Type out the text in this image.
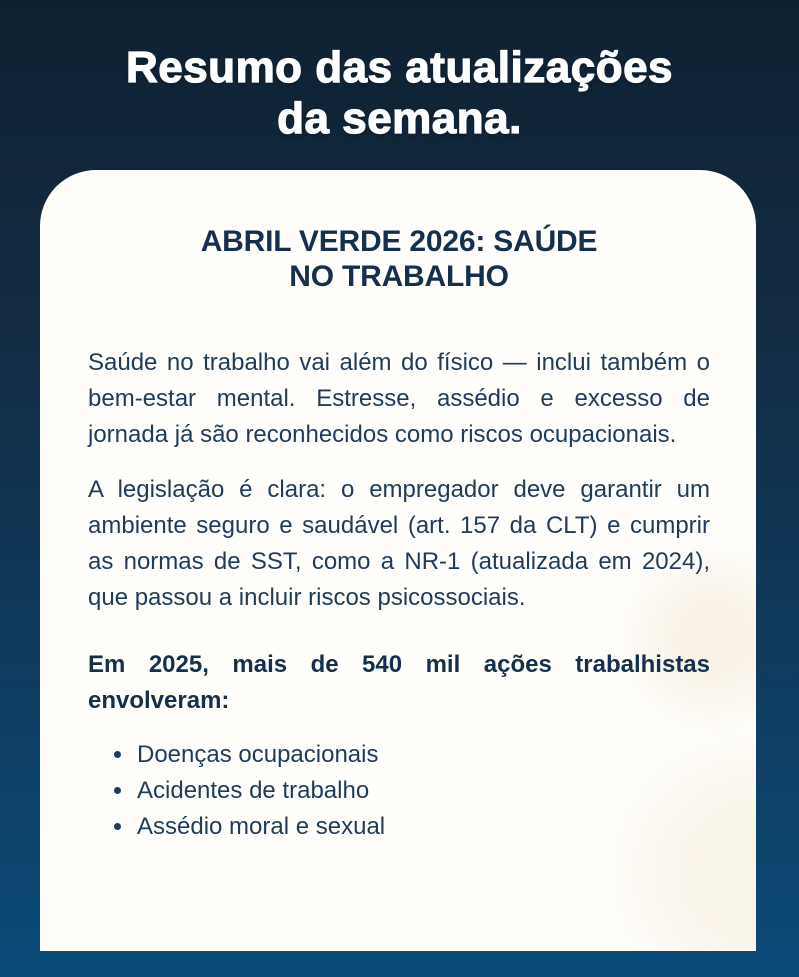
Resumo das atualizações
da semana.
ABRIL VERDE 2026: SAÚDE
NO TRABALHO

Saúde no trabalho vai além do físico — inclui também o bem-estar mental. Estresse, assédio e excesso de jornada já são reconhecidos como riscos ocupacionais.

A legislação é clara: o empregador deve garantir um ambiente seguro e saudável (art. 157 da CLT) e cumprir as normas de SST, como a NR-1 (atualizada em 2024), que passou a incluir riscos psicossociais.

Em 2025, mais de 540 mil ações trabalhistas envolveram:

• Doenças ocupacionais
• Acidentes de trabalho
• Assédio moral e sexual
